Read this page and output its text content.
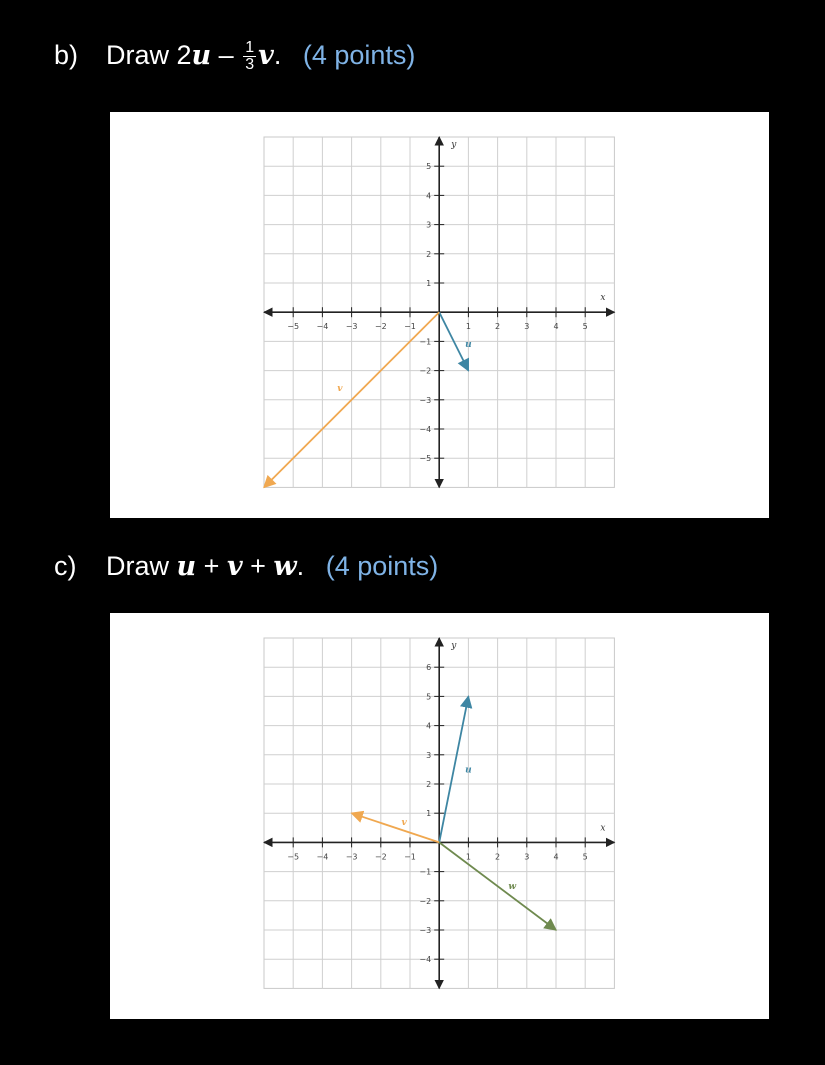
b) Draw $2u - \frac{1}{3} v$. (4 points)
−5 −4 −3 −2 −1	1	2	3	4	5
−5
−4
−3
−2
−1
1
2
3
4
5
x
y
u
v
c) Draw u + v + w. (4 points)
−5 −4 −3 −2 −1	1	2	3	4	5
−4
−3
−2
−1
1
2
3
4
5
6
x
y
u
v
w
